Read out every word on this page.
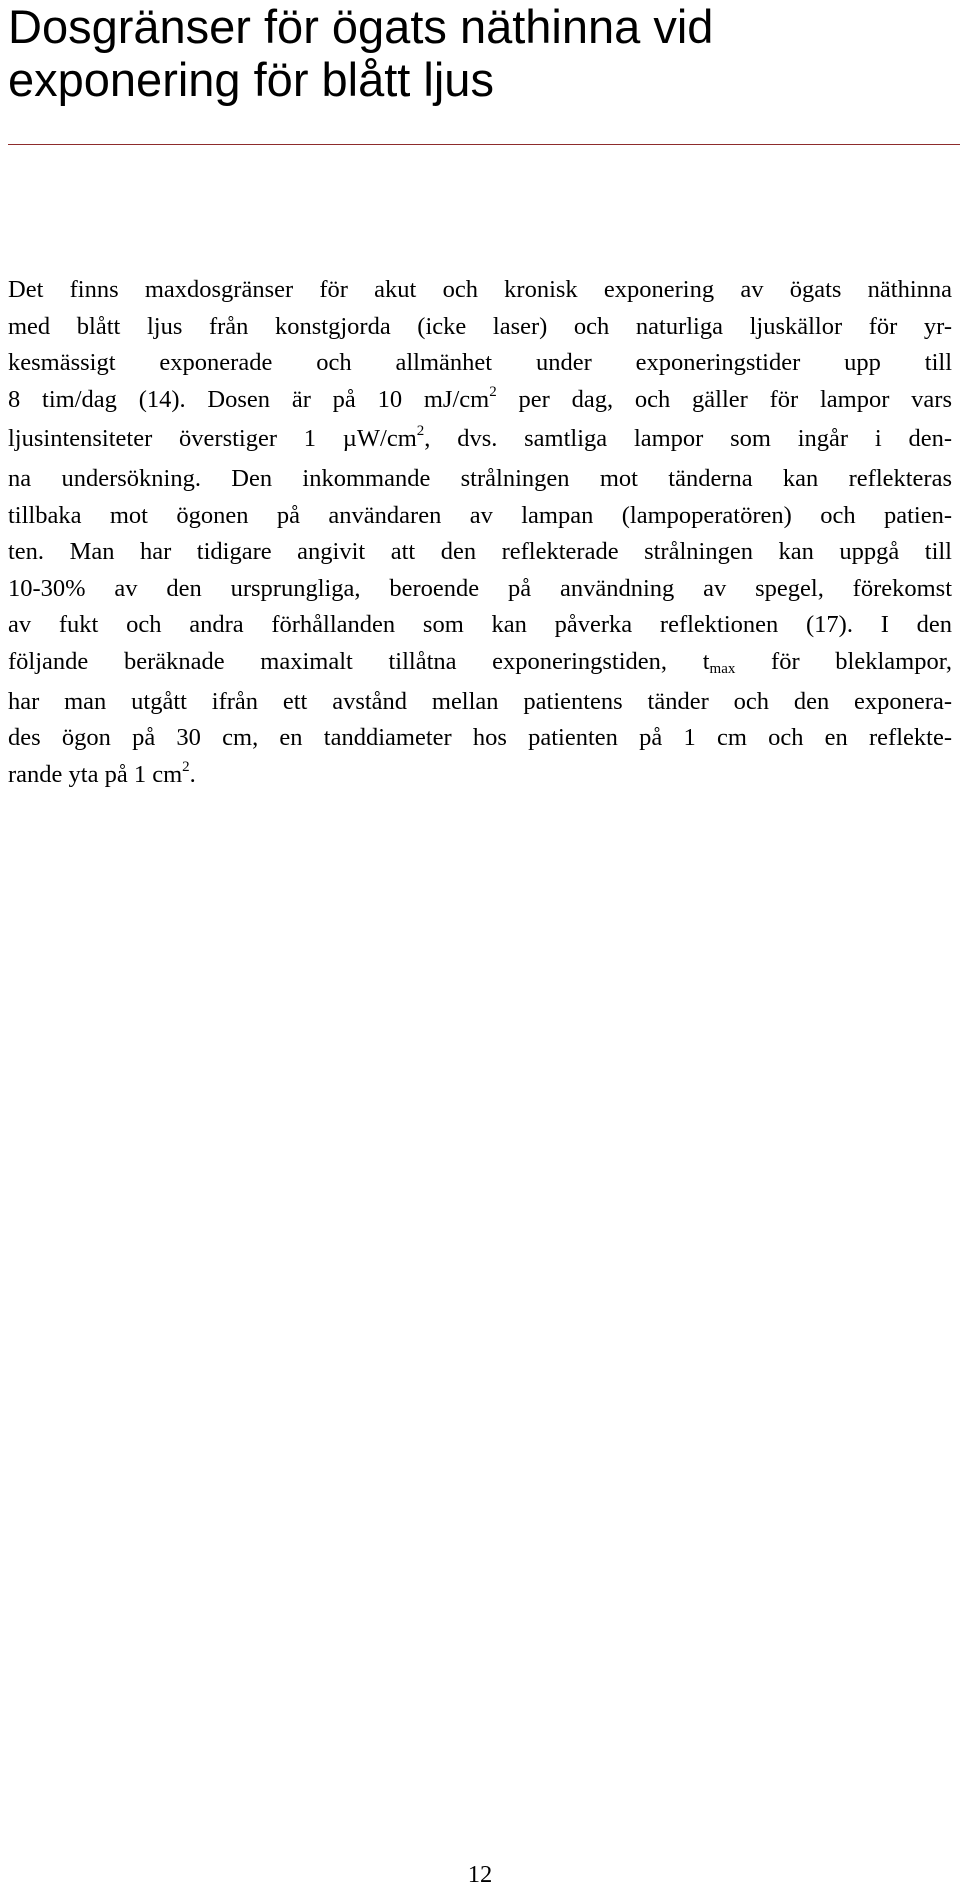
Dosgränser för ögats näthinna vid
exponering för blått ljus

Det finns maxdosgränser för akut och kronisk exponering av ögats näthinna
med blått ljus från konstgjorda (icke laser) och naturliga ljuskällor för yr-
kesmässigt exponerade och allmänhet under exponeringstider upp till
8 tim/dag (14). Dosen är på 10 $mJ/cm^2$ per dag, och gäller för lampor vars
ljusintensiteter överstiger 1 $\mu W/cm^2$, dvs. samtliga lampor som ingår i den-
na undersökning. Den inkommande strålningen mot tänderna kan reflekteras
tillbaka mot ögonen på användaren av lampan (lampoperatören) och patien-
ten. Man har tidigare angivit att den reflekterade strålningen kan uppgå till
10-30% av den ursprungliga, beroende på användning av spegel, förekomst
av fukt och andra förhållanden som kan påverka reflektionen (17). I den
följande beräknade maximalt tillåtna exponeringstiden, tmax för bleklampor,
har man utgått ifrån ett avstånd mellan patientens tänder och den exponera-
des ögon på 30 cm, en tanddiameter hos patienten på 1 cm och en reflekte-
rande yta på 1 $cm^2$.

12
